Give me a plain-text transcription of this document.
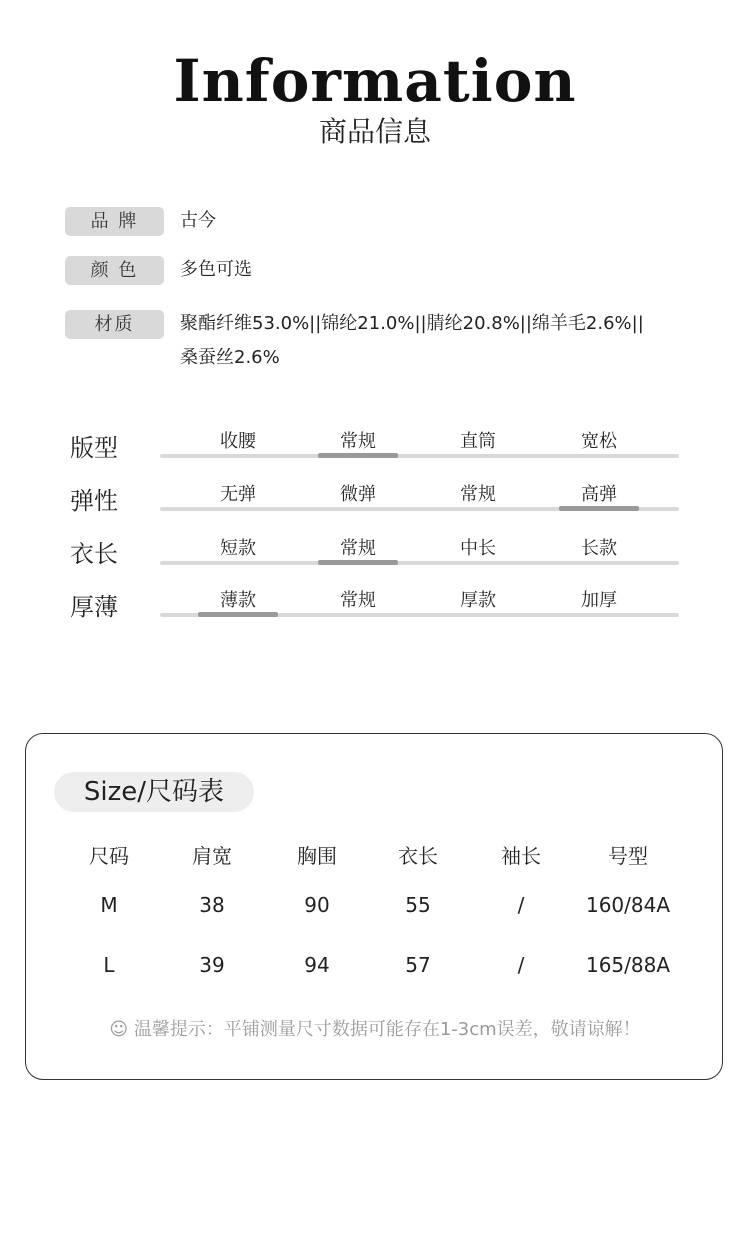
Information
商品信息
品 牌	古今
颜 色	多色可选
材质	聚酯纤维53.0%||锦纶21.0%||腈纶20.8%||绵羊毛2.6%||
桑蚕丝2.6%
版型	收腰	常规	直筒	宽松
弹性	无弹	微弹	常规	高弹
衣长	短款	常规	中长	长款
厚薄	薄款	常规	厚款	加厚
Size/尺码表
尺码	肩宽	胸围	衣长	袖长	号型
M	38	90	55	/	160/84A
L	39	94	57	/	165/88A
☺ 温馨提示：平铺测量尺寸数据可能存在1-3cm误差，敬请谅解！
